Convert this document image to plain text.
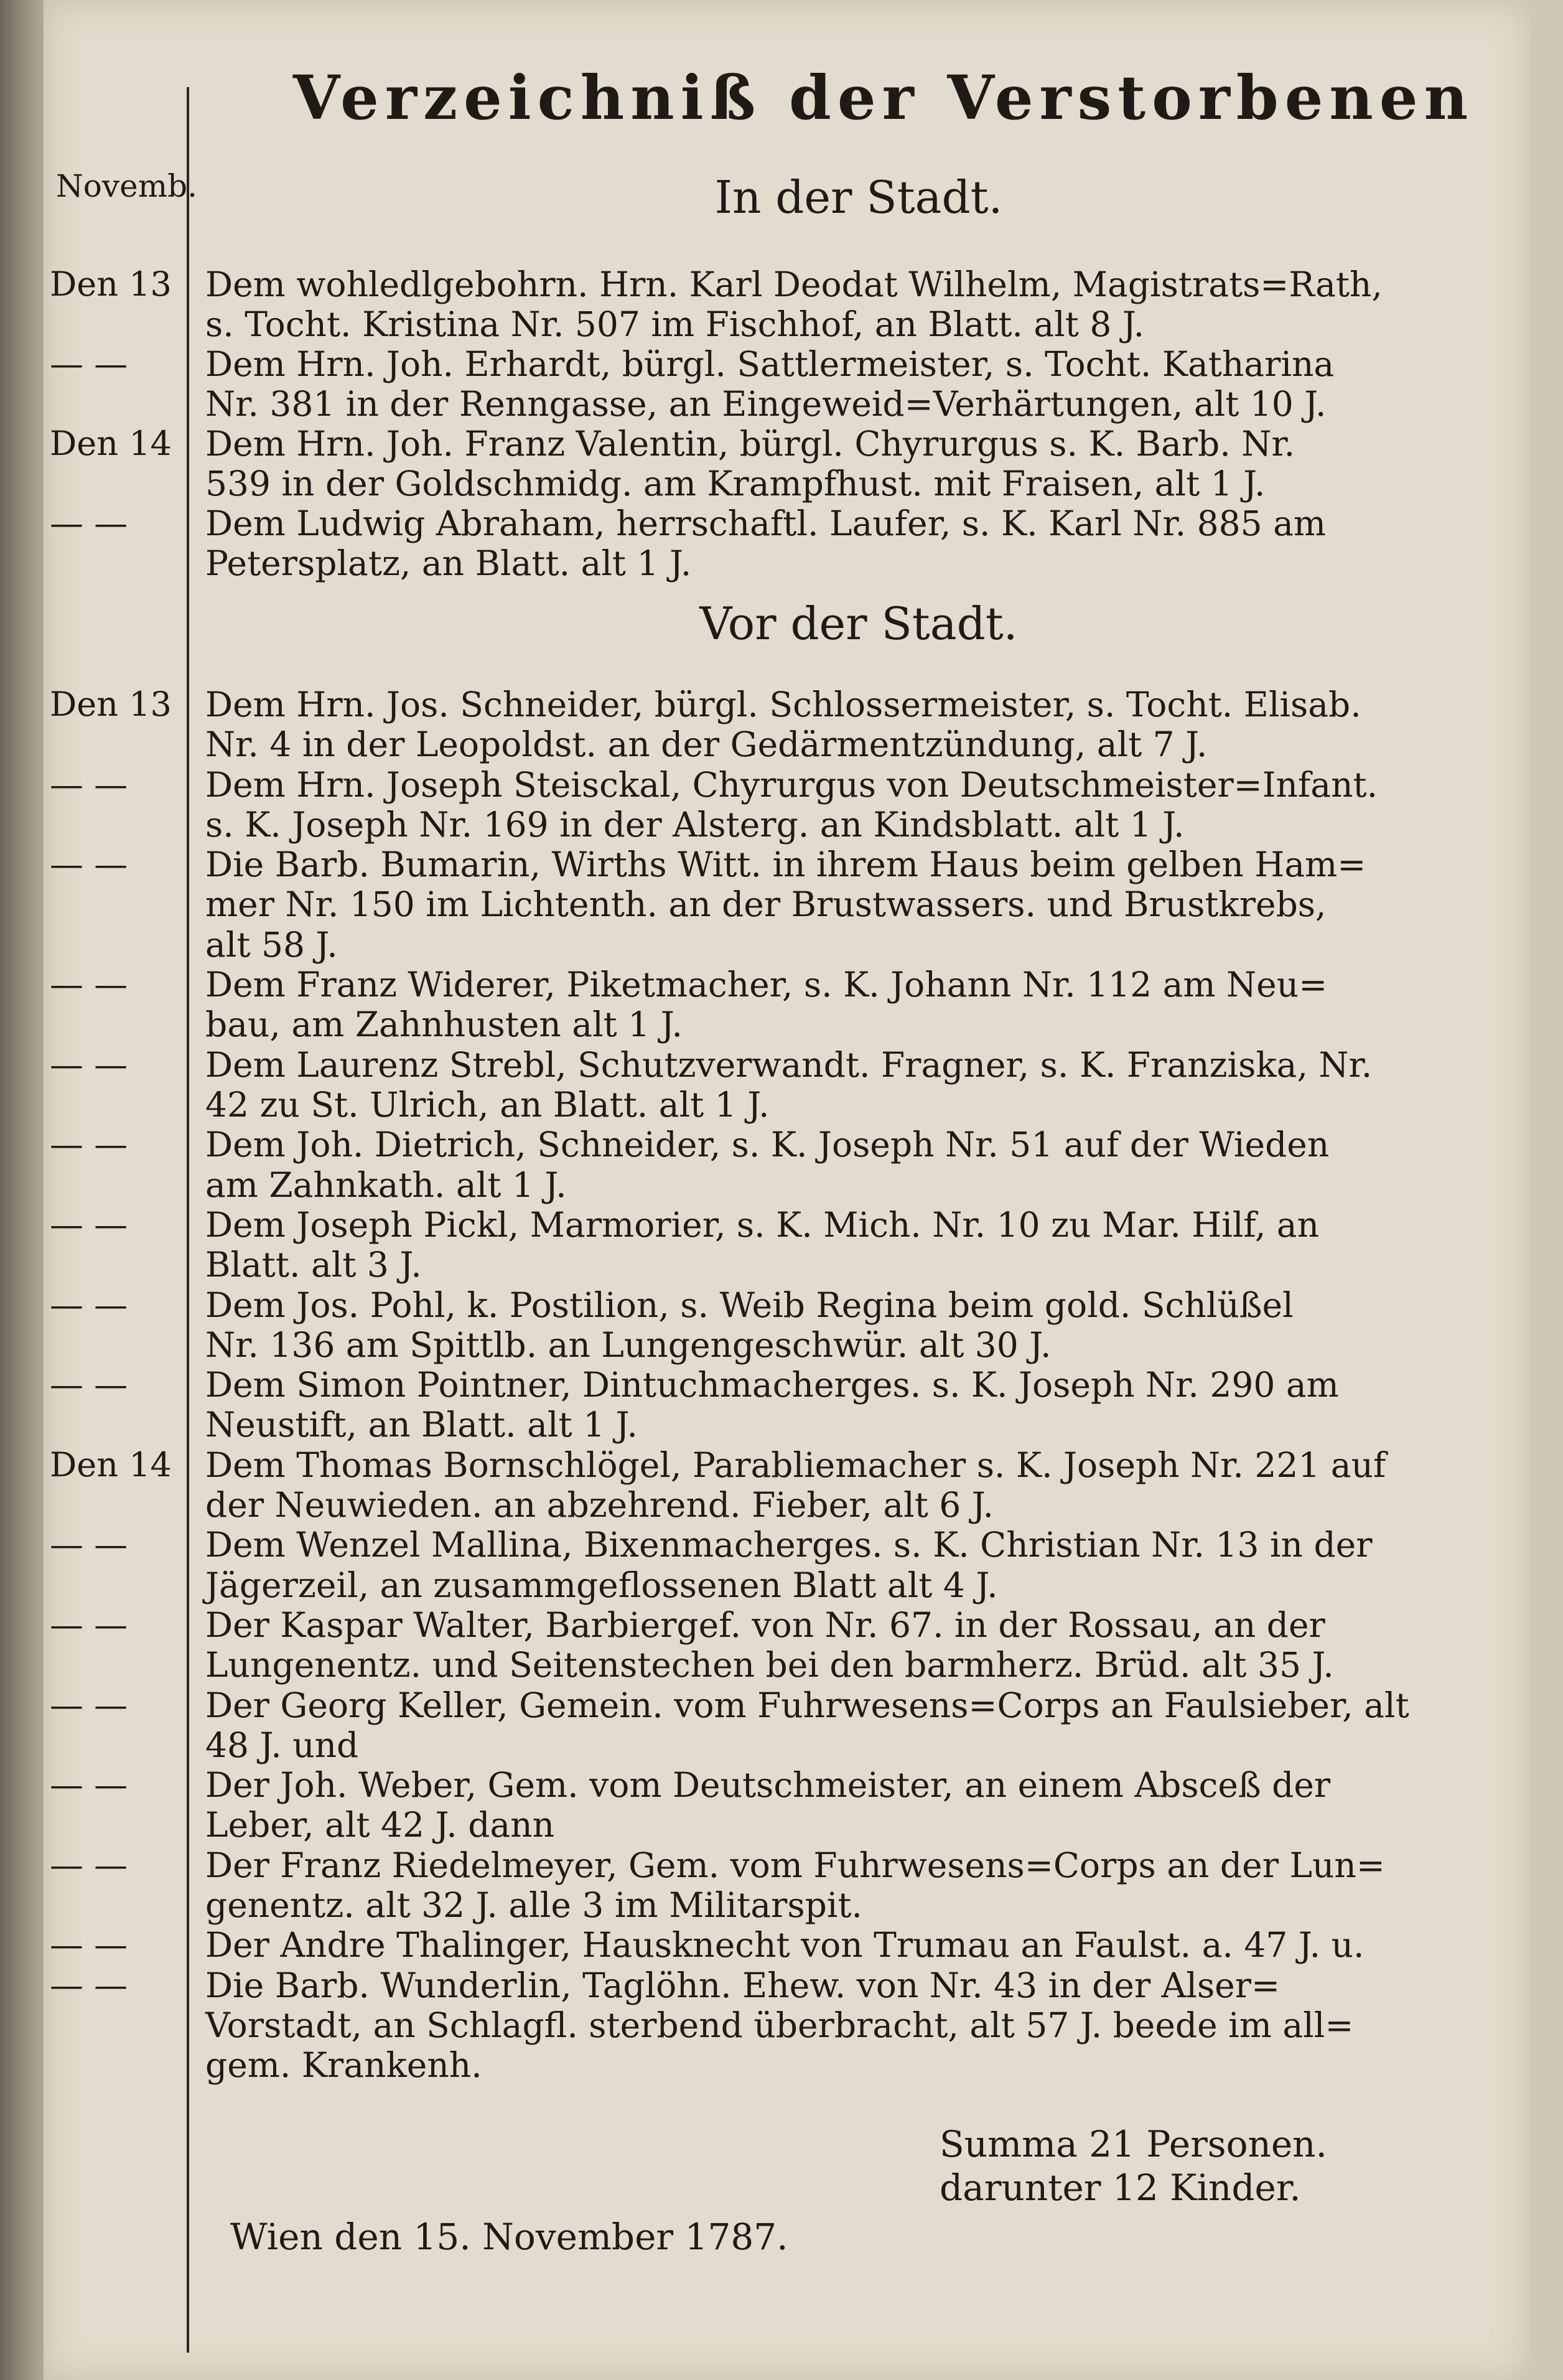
Verzeichniß der Verstorbenen
Novemb.	In der Stadt.
Vor der Stadt.
Den 13 Dem wohledlgebohrn. Hrn. Karl Deodat Wilhelm, Magistrats=Rath,
s. Tocht. Kristina Nr. 507 im Fischhof, an Blatt. alt 8 J.
— —	Dem Hrn. Joh. Erhardt, bürgl. Sattlermeister, s. Tocht. Katharina
Nr. 381 in der Renngasse, an Eingeweid=Verhärtungen, alt 10 J.
Den 14 Dem Hrn. Joh. Franz Valentin, bürgl. Chyrurgus s. K. Barb. Nr.
539 in der Goldschmidg. am Krampfhust. mit Fraisen, alt 1 J.
— —	Dem Ludwig Abraham, herrschaftl. Laufer, s. K. Karl Nr. 885 am
Petersplatz, an Blatt. alt 1 J.
Den 13 Dem Hrn. Jos. Schneider, bürgl. Schlossermeister, s. Tocht. Elisab.
Nr. 4 in der Leopoldst. an der Gedärmentzündung, alt 7 J.
— —	Dem Hrn. Joseph Steisckal, Chyrurgus von Deutschmeister=Infant.
s. K. Joseph Nr. 169 in der Alsterg. an Kindsblatt. alt 1 J.
— —	Die Barb. Bumarin, Wirths Witt. in ihrem Haus beim gelben Ham=
mer Nr. 150 im Lichtenth. an der Brustwassers. und Brustkrebs,
alt 58 J.
— —	Dem Franz Widerer, Piketmacher, s. K. Johann Nr. 112 am Neu=
bau, am Zahnhusten alt 1 J.
— —	Dem Laurenz Strebl, Schutzverwandt. Fragner, s. K. Franziska, Nr.
42 zu St. Ulrich, an Blatt. alt 1 J.
— —	Dem Joh. Dietrich, Schneider, s. K. Joseph Nr. 51 auf der Wieden
am Zahnkath. alt 1 J.
— —	Dem Joseph Pickl, Marmorier, s. K. Mich. Nr. 10 zu Mar. Hilf, an
Blatt. alt 3 J.
— —	Dem Jos. Pohl, k. Postilion, s. Weib Regina beim gold. Schlüßel
Nr. 136 am Spittlb. an Lungengeschwür. alt 30 J.
— —	Dem Simon Pointner, Dintuchmacherges. s. K. Joseph Nr. 290 am
Neustift, an Blatt. alt 1 J.
Den 14 Dem Thomas Bornschlögel, Parabliemacher s. K. Joseph Nr. 221 auf
der Neuwieden. an abzehrend. Fieber, alt 6 J.
— —	Dem Wenzel Mallina, Bixenmacherges. s. K. Christian Nr. 13 in der
Jägerzeil, an zusammgeflossenen Blatt alt 4 J.
— —	Der Kaspar Walter, Barbiergef. von Nr. 67. in der Rossau, an der
Lungenentz. und Seitenstechen bei den barmherz. Brüd. alt 35 J.
— —	Der Georg Keller, Gemein. vom Fuhrwesens=Corps an Faulsieber, alt
48 J. und
— —	Der Joh. Weber, Gem. vom Deutschmeister, an einem Absceß der
Leber, alt 42 J. dann
— —	Der Franz Riedelmeyer, Gem. vom Fuhrwesens=Corps an der Lun=
genentz. alt 32 J. alle 3 im Militarspit.
— —	Der Andre Thalinger, Hausknecht von Trumau an Faulst. a. 47 J. u.
— —	Die Barb. Wunderlin, Taglöhn. Ehew. von Nr. 43 in der Alser=
Vorstadt, an Schlagfl. sterbend überbracht, alt 57 J. beede im all=
gem. Krankenh.
Summa 21 Personen.
darunter 12 Kinder.
Wien den 15. November 1787.
